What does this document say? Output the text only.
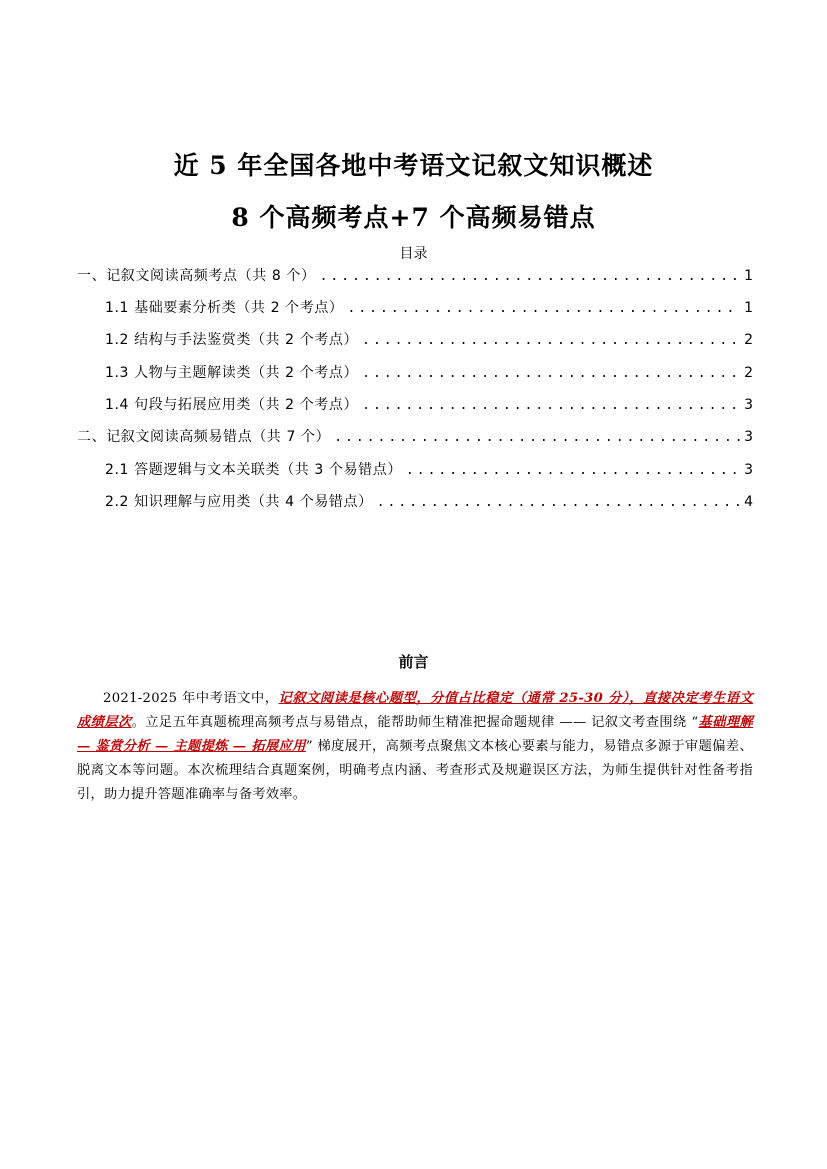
近 5 年全国各地中考语文记叙文知识概述
8 个高频考点+7 个高频易错点
目录
一、记叙文阅读高频考点（共 8 个） .....	1
1.1 基础要素分析类（共 2 个考点） .....	1
1.2 结构与手法鉴赏类（共 2 个考点） .....	2
1.3 人物与主题解读类（共 2 个考点） .....	2
1.4 句段与拓展应用类（共 2 个考点） .....	3
二、记叙文阅读高频易错点（共 7 个） .....	3
2.1 答题逻辑与文本关联类（共 3 个易错点） .....	3
2.2 知识理解与应用类（共 4 个易错点） .....	4
前言
2021-2025 年中考语文中，记叙文阅读是核心题型，分值占比稳定（通常 25-30 分），直接决定考生语文成绩层次。立足五年真题梳理高频考点与易错点，能帮助师生精准把握命题规律 —— 记叙文考查围绕 “基础理解 — 鉴赏分析 — 主题提炼 — 拓展应用” 梯度展开，高频考点聚焦文本核心要素与能力，易错点多源于审题偏差、脱离文本等问题。本次梳理结合真题案例，明确考点内涵、考查形式及规避误区方法，为师生提供针对性备考指引，助力提升答题准确率与备考效率。
